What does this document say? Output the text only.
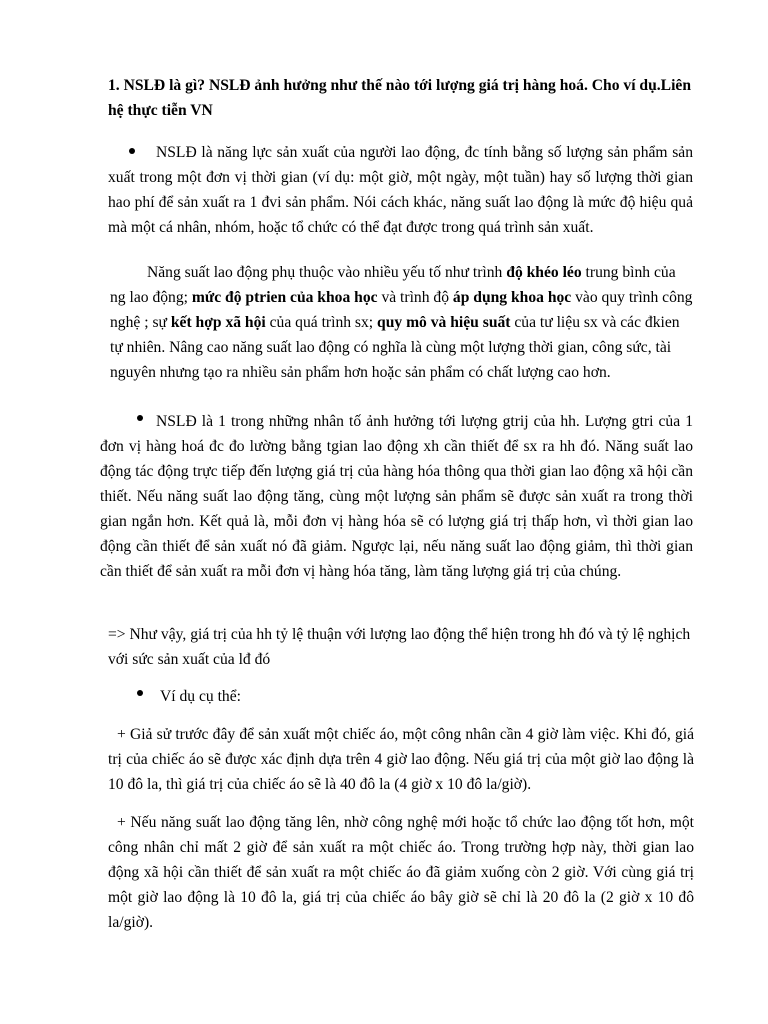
1. NSLĐ là gì? NSLĐ ảnh hưởng như thế nào tới lượng giá trị hàng hoá. Cho ví dụ.Liên hệ thực tiễn VN

NSLĐ là năng lực sản xuất của người lao động, đc tính bằng số lượng sản phẩm sản xuất trong một đơn vị thời gian (ví dụ: một giờ, một ngày, một tuần) hay số lượng thời gian hao phí để sản xuất ra 1 đvi sản phẩm. Nói cách khác, năng suất lao động là mức độ hiệu quả mà một cá nhân, nhóm, hoặc tổ chức có thể đạt được trong quá trình sản xuất.

Năng suất lao động phụ thuộc vào nhiều yếu tố như trình độ khéo léo trung bình của ng lao động; mức độ ptrien của khoa học và trình độ áp dụng khoa học vào quy trình công nghệ ; sự kết hợp xã hội của quá trình sx; quy mô và hiệu suất của tư liệu sx và các đkien tự nhiên. Nâng cao năng suất lao động có nghĩa là cùng một lượng thời gian, công sức, tài nguyên nhưng tạo ra nhiều sản phẩm hơn hoặc sản phẩm có chất lượng cao hơn.

NSLĐ là 1 trong những nhân tố ảnh hưởng tới lượng gtrij của hh. Lượng gtri của 1 đơn vị hàng hoá đc đo lường bằng tgian lao động xh cần thiết để sx ra hh đó. Năng suất lao động tác động trực tiếp đến lượng giá trị của hàng hóa thông qua thời gian lao động xã hội cần thiết. Nếu năng suất lao động tăng, cùng một lượng sản phẩm sẽ được sản xuất ra trong thời gian ngắn hơn. Kết quả là, mỗi đơn vị hàng hóa sẽ có lượng giá trị thấp hơn, vì thời gian lao động cần thiết để sản xuất nó đã giảm. Ngược lại, nếu năng suất lao động giảm, thì thời gian cần thiết để sản xuất ra mỗi đơn vị hàng hóa tăng, làm tăng lượng giá trị của chúng.

=> Như vậy, giá trị của hh tỷ lệ thuận với lượng lao động thể hiện trong hh đó và tỷ lệ nghịch với sức sản xuất của lđ đó

Ví dụ cụ thể:

+ Giả sử trước đây để sản xuất một chiếc áo, một công nhân cần 4 giờ làm việc. Khi đó, giá trị của chiếc áo sẽ được xác định dựa trên 4 giờ lao động. Nếu giá trị của một giờ lao động là 10 đô la, thì giá trị của chiếc áo sẽ là 40 đô la (4 giờ x 10 đô la/giờ).

+ Nếu năng suất lao động tăng lên, nhờ công nghệ mới hoặc tổ chức lao động tốt hơn, một công nhân chỉ mất 2 giờ để sản xuất ra một chiếc áo. Trong trường hợp này, thời gian lao động xã hội cần thiết để sản xuất ra một chiếc áo đã giảm xuống còn 2 giờ. Với cùng giá trị một giờ lao động là 10 đô la, giá trị của chiếc áo bây giờ sẽ chỉ là 20 đô la (2 giờ x 10 đô la/giờ).
